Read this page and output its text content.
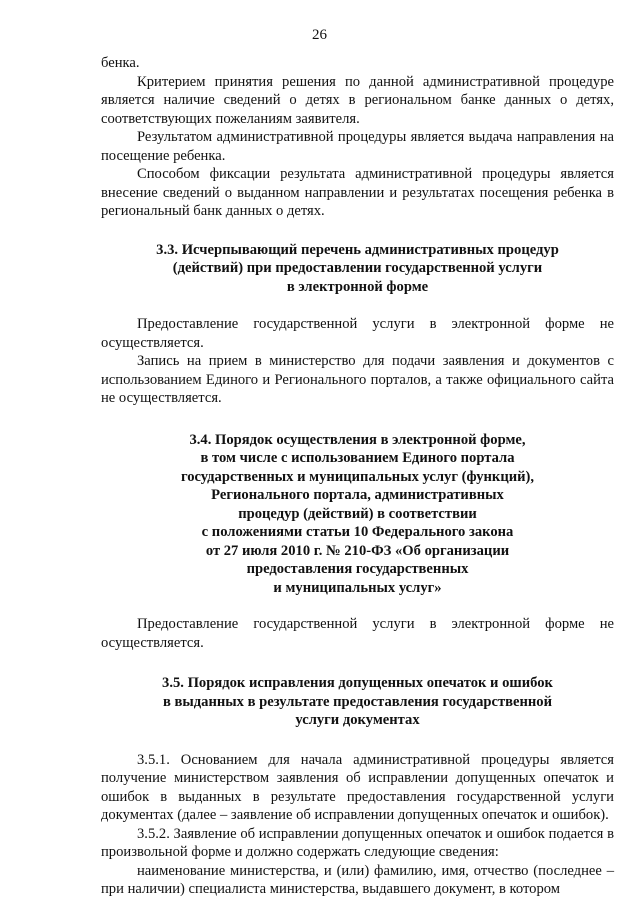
26

бенка.

Критерием принятия решения по данной административной процедуре является наличие сведений о детях в региональном банке данных о детях, соответствующих пожеланиям заявителя.

Результатом административной процедуры является выдача направления на посещение ребенка.

Способом фиксации результата административной процедуры является внесение сведений о выданном направлении и результатах посещения ребенка в региональный банк данных о детях.

3.3. Исчерпывающий перечень административных процедур

(действий) при предоставлении государственной услуги

в электронной форме

Предоставление государственной услуги в электронной форме не осуществляется.

Запись на прием в министерство для подачи заявления и документов с использованием Единого и Регионального порталов, а также официального сайта не осуществляется.

3.4. Порядок осуществления в электронной форме,

в том числе с использованием Единого портала

государственных и муниципальных услуг (функций),

Регионального портала, административных

процедур (действий) в соответствии

с положениями статьи 10 Федерального закона

от 27 июля 2010 г. № 210-ФЗ «Об организации

предоставления государственных

и муниципальных услуг»

Предоставление государственной услуги в электронной форме не осуществляется.

3.5. Порядок исправления допущенных опечаток и ошибок

в выданных в результате предоставления государственной

услуги документах

3.5.1. Основанием для начала административной процедуры является получение министерством заявления об исправлении допущенных опечаток и ошибок в выданных в результате предоставления государственной услуги документах (далее – заявление об исправлении допущенных опечаток и ошибок).

3.5.2. Заявление об исправлении допущенных опечаток и ошибок подается в произвольной форме и должно содержать следующие сведения:

наименование министерства, и (или) фамилию, имя, отчество (последнее – при наличии) специалиста министерства, выдавшего документ, в котором
